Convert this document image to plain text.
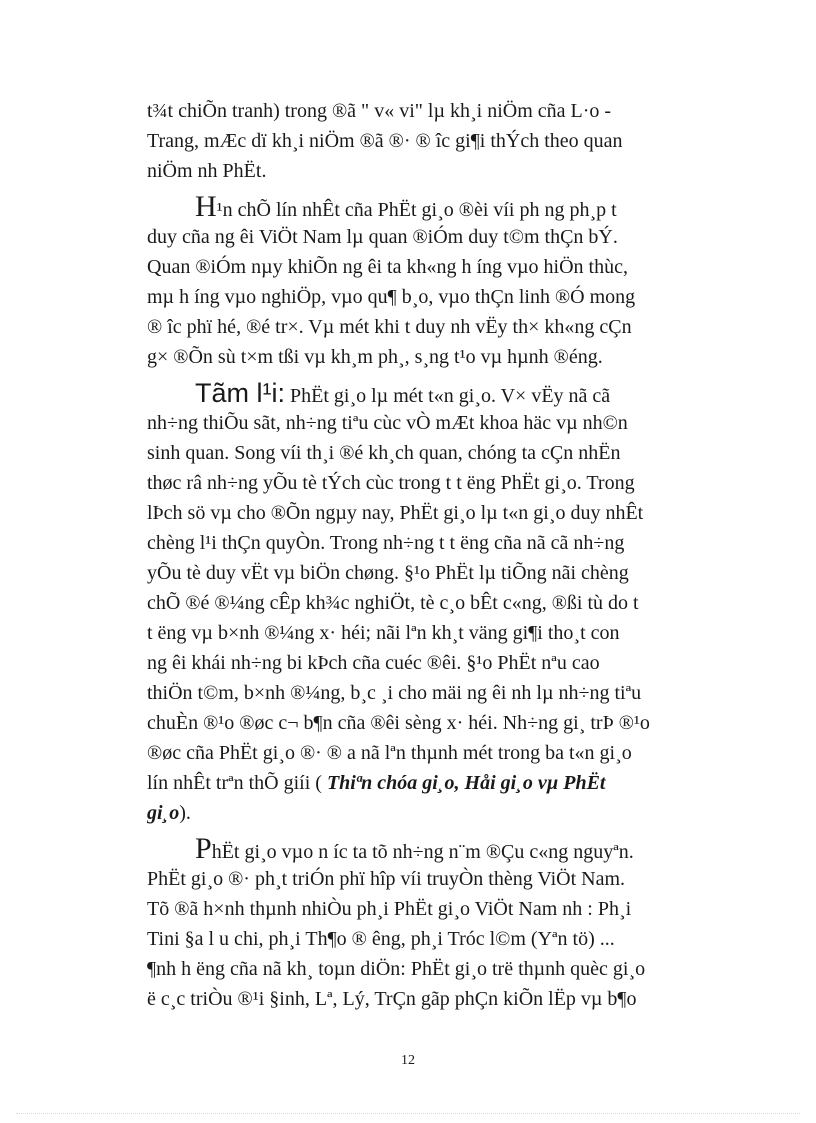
t¾t chiÕn tranh) trong ®ã " v« vi" lµ kh¸i niÖm cña L·o -
Trang, mÆc dï kh¸i niÖm ®ã ®· ® îc gi¶i thÝch theo quan
niÖm nh PhËt.
H¹n chÕ lín nhÊt cña PhËt gi¸o ®èi víi ph ng ph¸p t
duy cña ng êi ViÖt Nam lµ quan ®iÓm duy t©m thÇn bÝ.
Quan ®iÓm nµy khiÕn ng êi ta kh«ng h íng vµo hiÖn thùc,
mµ h íng vµo nghiÖp, vµo qu¶ b¸o, vµo thÇn linh ®Ó mong
® îc phï hé, ®é tr×. Vµ mét khi t duy nh vËy th× kh«ng cÇn
g× ®Õn sù t×m tßi vµ kh¸m ph¸, s¸ng t¹o vµ hµnh ®éng.
Tãm l¹i: PhËt gi¸o lµ mét t«n gi¸o. V× vËy nã cã
nh÷ng thiÕu sãt, nh÷ng tiªu cùc vÒ mÆt khoa häc vµ nh©n
sinh quan. Song víi th¸i ®é kh¸ch quan, chóng ta cÇn nhËn
thøc râ nh÷ng yÕu tè tÝch cùc trong t t ëng PhËt gi¸o. Trong
lÞch sö vµ cho ®Õn ngµy nay, PhËt gi¸o lµ t«n gi¸o duy nhÊt
chèng l¹i thÇn quyÒn. Trong nh÷ng t t ëng cña nã cã nh÷ng
yÕu tè duy vËt vµ biÖn chøng. §¹o PhËt lµ tiÕng nãi chèng
chÕ ®é ®¼ng cÊp kh¾c nghiÖt, tè c¸o bÊt c«ng, ®ßi tù do t
t ëng vµ b×nh ®¼ng x· héi; nãi lªn kh¸t väng gi¶i tho¸t con
ng êi khái nh÷ng bi kÞch cña cuéc ®êi. §¹o PhËt nªu cao
thiÖn t©m, b×nh ®¼ng, b¸c ¸i cho mäi ng êi nh lµ nh÷ng tiªu
chuÈn ®¹o ®øc c¬ b¶n cña ®êi sèng x· héi. Nh÷ng gi¸ trÞ ®¹o
®øc cña PhËt gi¸o ®· ® a nã lªn thµnh mét trong ba t«n gi¸o
lín nhÊt trªn thÕ giíi ( Thiªn chóa gi¸o, Håi gi¸o vµ PhËt
gi¸o).
PhËt gi¸o vµo n íc ta tõ nh÷ng n¨m ®Çu c«ng nguyªn.
PhËt gi¸o ®· ph¸t triÓn phï hîp víi truyÒn thèng ViÖt Nam.
Tõ ®ã h×nh thµnh nhiÒu ph¸i PhËt gi¸o ViÖt Nam nh : Ph¸i
Tini §a l u chi, ph¸i Th¶o ® êng, ph¸i Tróc l©m (Yªn tö) ...
¶nh h ëng cña nã kh¸ toµn diÖn: PhËt gi¸o trë thµnh quèc gi¸o
ë c¸c triÒu ®¹i §inh, Lª, Lý, TrÇn gãp phÇn kiÕn lËp vµ b¶o
12
